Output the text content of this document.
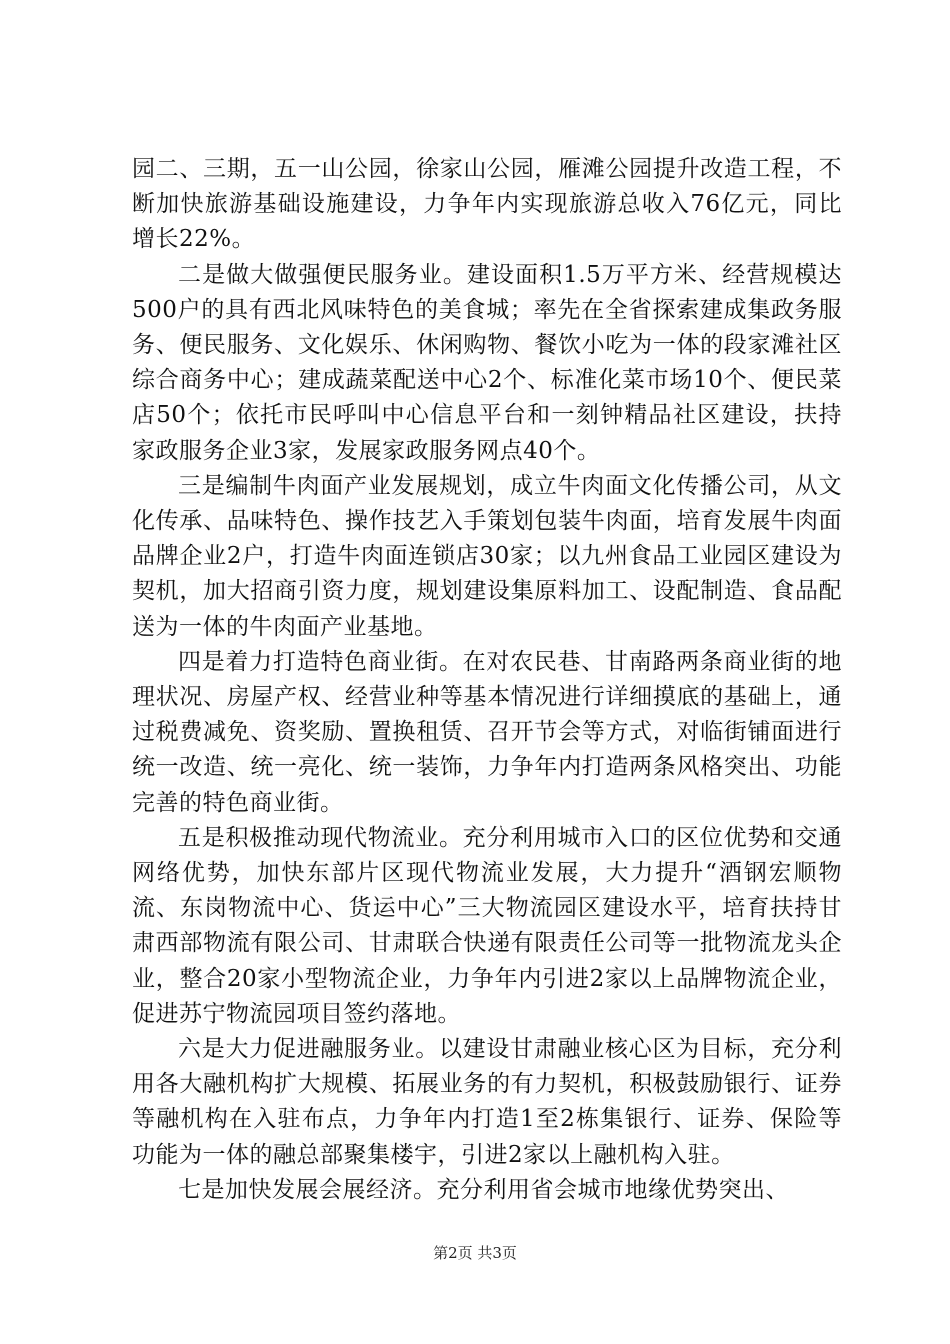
园二、三期，五一山公园，徐家山公园，雁滩公园提升改造工程，不断加快旅游基础设施建设，力争年内实现旅游总收入76亿元，同比增长22%。

二是做大做强便民服务业。建设面积1.5万平方米、经营规模达500户的具有西北风味特色的美食城；率先在全省探索建成集政务服务、便民服务、文化娱乐、休闲购物、餐饮小吃为一体的段家滩社区综合商务中心；建成蔬菜配送中心2个、标准化菜市场10个、便民菜店50个；依托市民呼叫中心信息平台和一刻钟精品社区建设，扶持家政服务企业3家，发展家政服务网点40个。

三是编制牛肉面产业发展规划，成立牛肉面文化传播公司，从文化传承、品味特色、操作技艺入手策划包装牛肉面，培育发展牛肉面品牌企业2户，打造牛肉面连锁店30家；以九州食品工业园区建设为契机，加大招商引资力度，规划建设集原料加工、设配制造、食品配送为一体的牛肉面产业基地。

四是着力打造特色商业街。在对农民巷、甘南路两条商业街的地理状况、房屋产权、经营业种等基本情况进行详细摸底的基础上，通过税费减免、资奖励、置换租赁、召开节会等方式，对临街铺面进行统一改造、统一亮化、统一装饰，力争年内打造两条风格突出、功能完善的特色商业街。

五是积极推动现代物流业。充分利用城市入口的区位优势和交通网络优势，加快东部片区现代物流业发展，大力提升“酒钢宏顺物流、东岗物流中心、货运中心”三大物流园区建设水平，培育扶持甘肃西部物流有限公司、甘肃联合快递有限责任公司等一批物流龙头企业，整合20家小型物流企业，力争年内引进2家以上品牌物流企业，促进苏宁物流园项目签约落地。

六是大力促进融服务业。以建设甘肃融业核心区为目标，充分利用各大融机构扩大规模、拓展业务的有力契机，积极鼓励银行、证券等融机构在入驻布点，力争年内打造1至2栋集银行、证券、保险等功能为一体的融总部聚集楼宇，引进2家以上融机构入驻。

七是加快发展会展经济。充分利用省会城市地缘优势突出、

第2页 共3页
